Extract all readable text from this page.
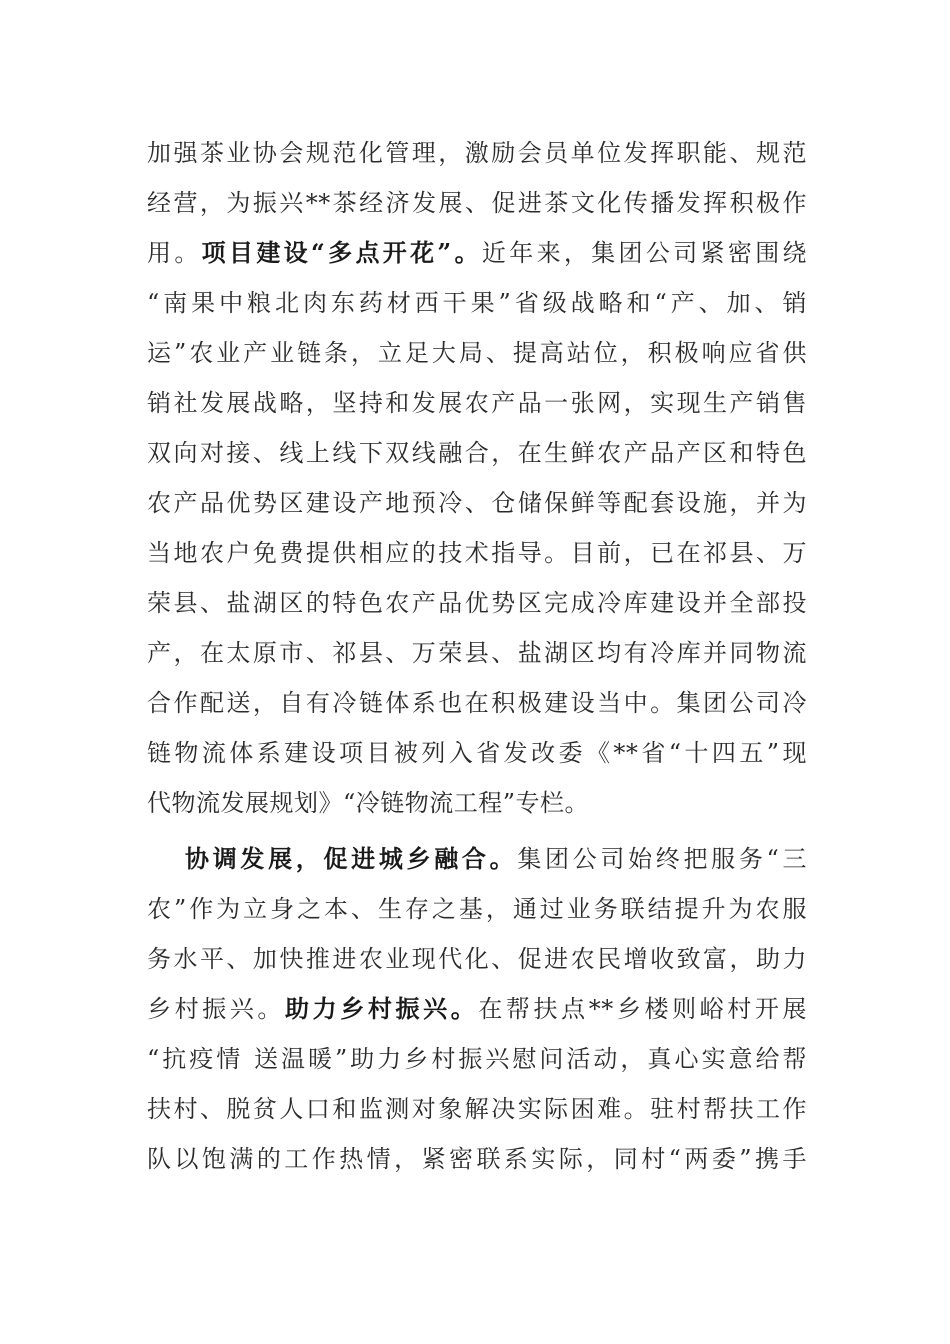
加强茶业协会规范化管理，激励会员单位发挥职能、规范
经营，为振兴**茶经济发展、促进茶文化传播发挥积极作
用。项目建设“多点开花”。近年来，集团公司紧密围绕
“南果中粮北肉东药材西干果”省级战略和“产、加、销
运”农业产业链条，立足大局、提高站位，积极响应省供
销社发展战略，坚持和发展农产品一张网，实现生产销售
双向对接、线上线下双线融合，在生鲜农产品产区和特色
农产品优势区建设产地预冷、仓储保鲜等配套设施，并为
当地农户免费提供相应的技术指导。目前，已在祁县、万
荣县、盐湖区的特色农产品优势区完成冷库建设并全部投
产，在太原市、祁县、万荣县、盐湖区均有冷库并同物流
合作配送，自有冷链体系也在积极建设当中。集团公司冷
链物流体系建设项目被列入省发改委《**省“十四五”现
代物流发展规划》“冷链物流工程”专栏。
协调发展，促进城乡融合。集团公司始终把服务“三
农”作为立身之本、生存之基，通过业务联结提升为农服
务水平、加快推进农业现代化、促进农民增收致富，助力
乡村振兴。助力乡村振兴。在帮扶点**乡楼则峪村开展
“抗疫情 送温暖”助力乡村振兴慰问活动，真心实意给帮
扶村、脱贫人口和监测对象解决实际困难。驻村帮扶工作
队以饱满的工作热情，紧密联系实际，同村“两委”携手
